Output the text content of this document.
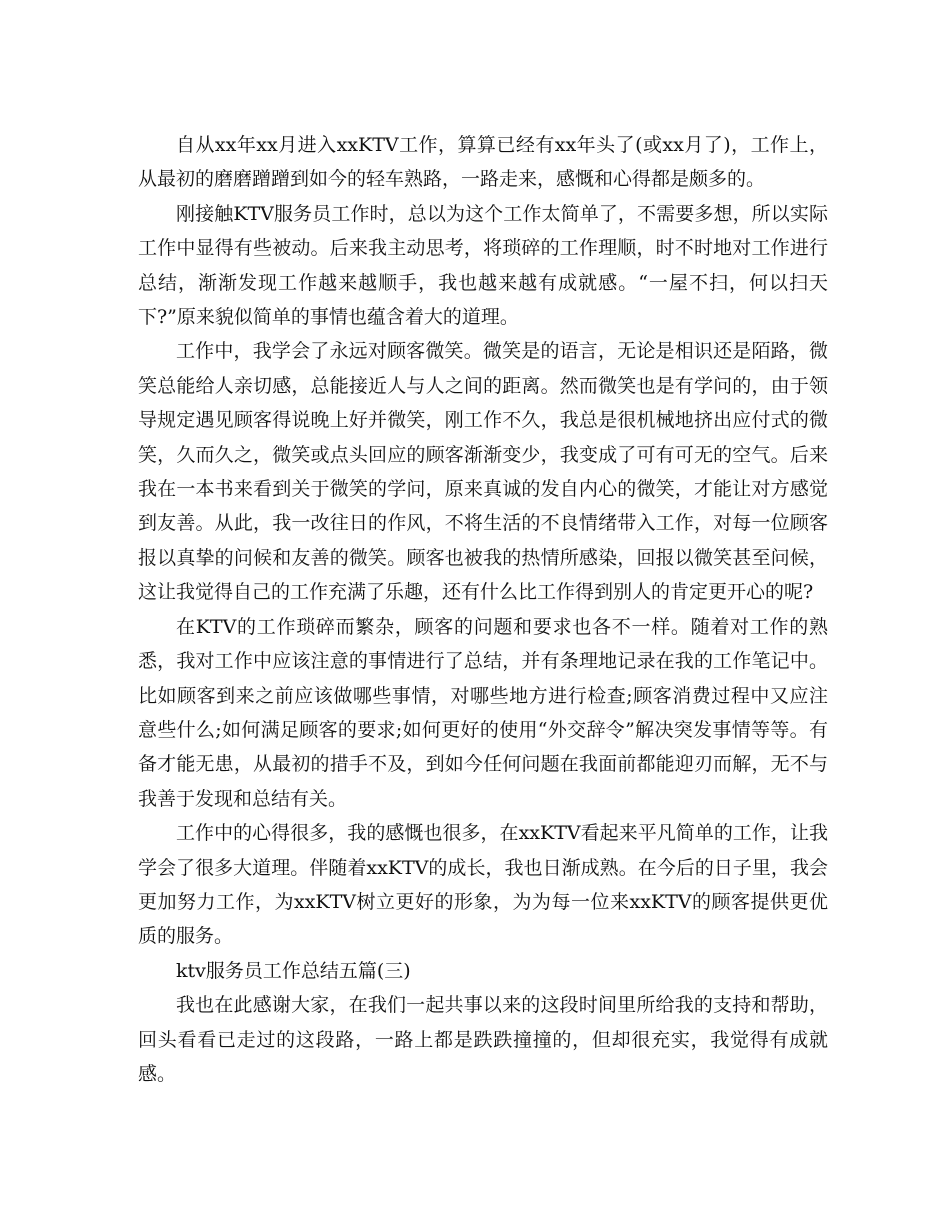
自从xx年xx月进入xxKTV工作，算算已经有xx年头了(或xx月了)，工作上，从最初的磨磨蹭蹭到如今的轻车熟路，一路走来，感慨和心得都是颇多的。

刚接触KTV服务员工作时，总以为这个工作太简单了，不需要多想，所以实际工作中显得有些被动。后来我主动思考，将琐碎的工作理顺，时不时地对工作进行总结，渐渐发现工作越来越顺手，我也越来越有成就感。“一屋不扫，何以扫天下?”原来貌似简单的事情也蕴含着大的道理。

工作中，我学会了永远对顾客微笑。微笑是的语言，无论是相识还是陌路，微笑总能给人亲切感，总能接近人与人之间的距离。然而微笑也是有学问的，由于领导规定遇见顾客得说晚上好并微笑，刚工作不久，我总是很机械地挤出应付式的微笑，久而久之，微笑或点头回应的顾客渐渐变少，我变成了可有可无的空气。后来我在一本书来看到关于微笑的学问，原来真诚的发自内心的微笑，才能让对方感觉到友善。从此，我一改往日的作风，不将生活的不良情绪带入工作，对每一位顾客报以真挚的问候和友善的微笑。顾客也被我的热情所感染，回报以微笑甚至问候，这让我觉得自己的工作充满了乐趣，还有什么比工作得到别人的肯定更开心的呢?

在KTV的工作琐碎而繁杂，顾客的问题和要求也各不一样。随着对工作的熟悉，我对工作中应该注意的事情进行了总结，并有条理地记录在我的工作笔记中。比如顾客到来之前应该做哪些事情，对哪些地方进行检查;顾客消费过程中又应注意些什么;如何满足顾客的要求;如何更好的使用“外交辞令”解决突发事情等等。有备才能无患，从最初的措手不及，到如今任何问题在我面前都能迎刃而解，无不与我善于发现和总结有关。

工作中的心得很多，我的感慨也很多，在xxKTV看起来平凡简单的工作，让我学会了很多大道理。伴随着xxKTV的成长，我也日渐成熟。在今后的日子里，我会更加努力工作，为xxKTV树立更好的形象，为为每一位来xxKTV的顾客提供更优质的服务。

ktv服务员工作总结五篇(三)

我也在此感谢大家，在我们一起共事以来的这段时间里所给我的支持和帮助，回头看看已走过的这段路，一路上都是跌跌撞撞的，但却很充实，我觉得有成就感。
